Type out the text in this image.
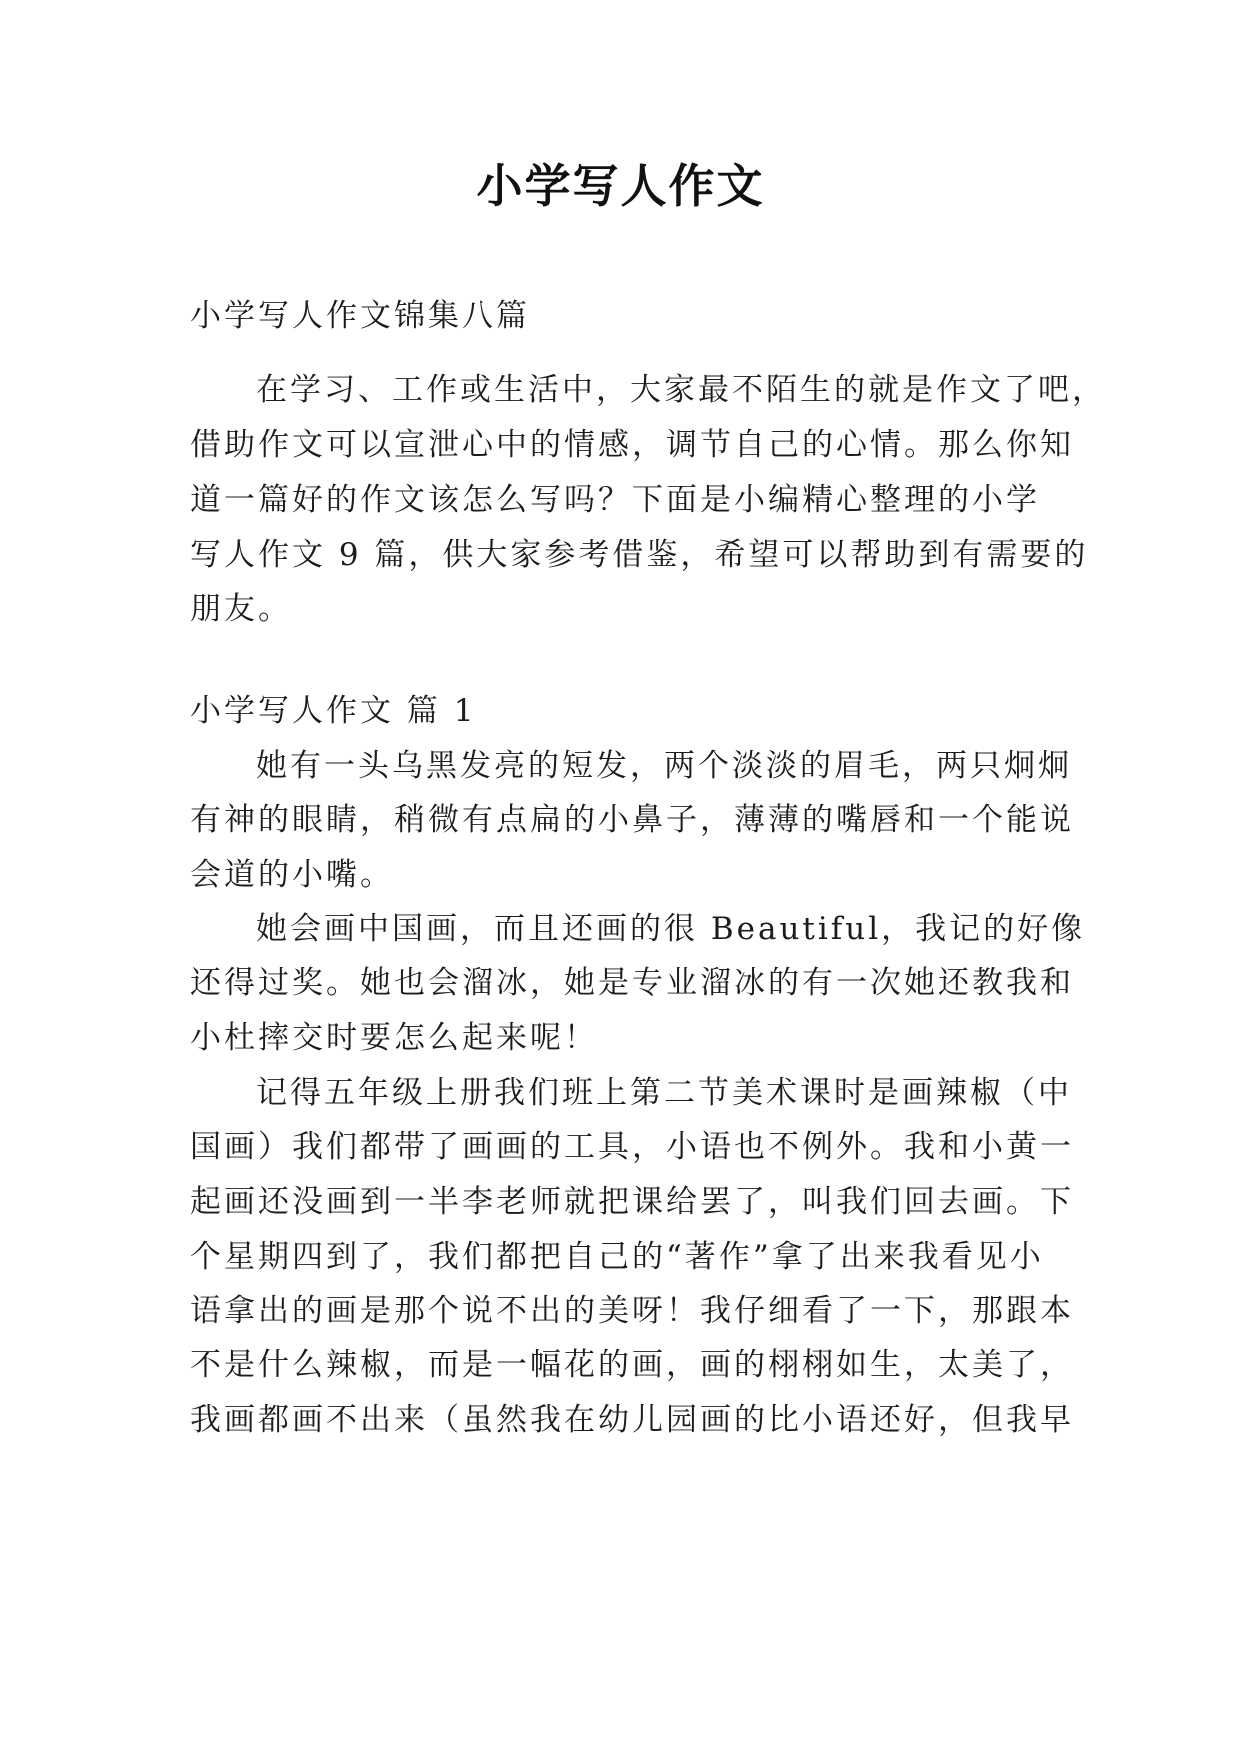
小学写人作文
小学写人作文锦集八篇
在学习、工作或生活中，大家最不陌生的就是作文了吧，
借助作文可以宣泄心中的情感，调节自己的心情。那么你知
道一篇好的作文该怎么写吗？下面是小编精心整理的小学
写人作文 9 篇，供大家参考借鉴，希望可以帮助到有需要的
朋友。
小学写人作文 篇 1
她有一头乌黑发亮的短发，两个淡淡的眉毛，两只炯炯
有神的眼睛，稍微有点扁的小鼻子，薄薄的嘴唇和一个能说
会道的小嘴。
她会画中国画，而且还画的很 Beautiful，我记的好像
还得过奖。她也会溜冰，她是专业溜冰的有一次她还教我和
小杜摔交时要怎么起来呢！
记得五年级上册我们班上第二节美术课时是画辣椒（中
国画）我们都带了画画的工具，小语也不例外。我和小黄一
起画还没画到一半李老师就把课给罢了，叫我们回去画。下
个星期四到了，我们都把自己的“著作”拿了出来我看见小
语拿出的画是那个说不出的美呀！我仔细看了一下，那跟本
不是什么辣椒，而是一幅花的画，画的栩栩如生，太美了，
我画都画不出来（虽然我在幼儿园画的比小语还好，但我早
